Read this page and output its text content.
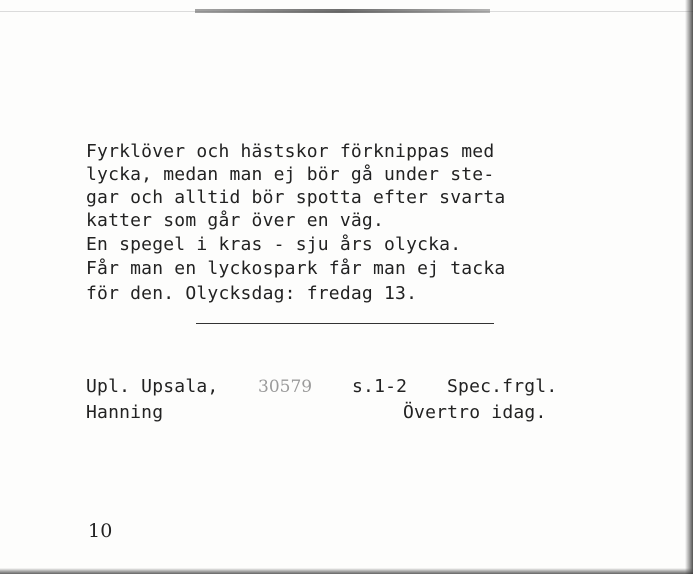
Fyrklöver och hästskor förknippas med

lycka, medan man ej bör gå under ste-

gar och alltid bör spotta efter svarta

katter som går över en väg.

En spegel i kras - sju års olycka.

Får man en lyckospark får man ej tacka

för den. Olycksdag: fredag 13.

Upl. Upsala, 30579 s.1-2 Spec.frgl.
Hanning	Övertro idag.
10
